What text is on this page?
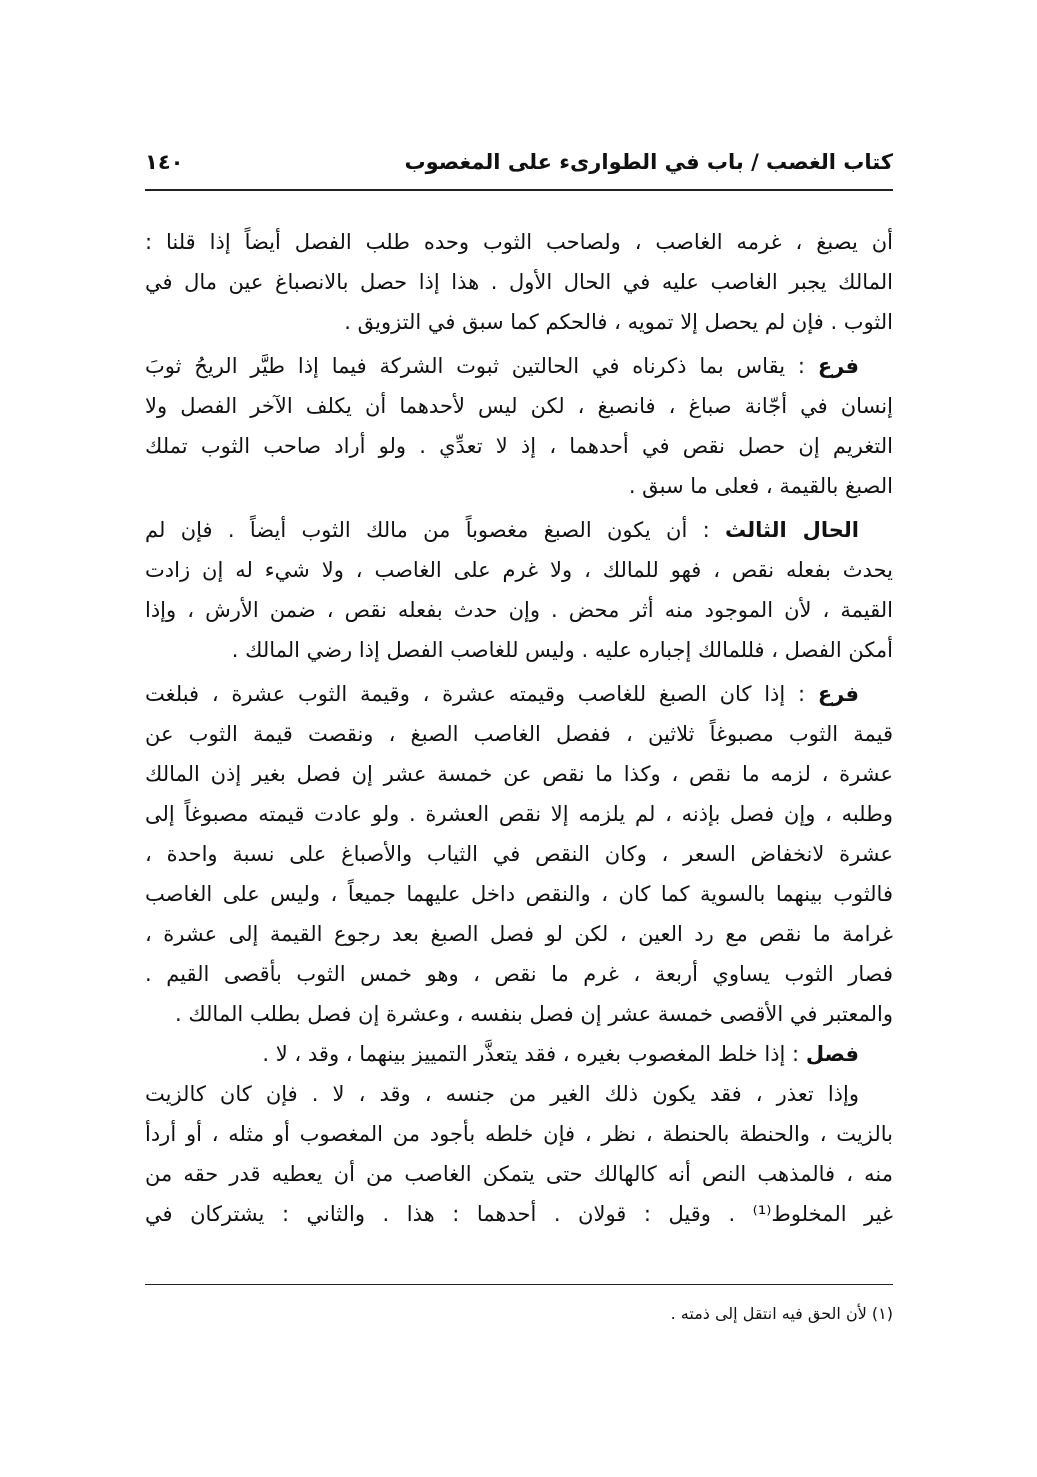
كتاب الغصب / باب في الطوارىء على المغصوب
١٤٠
أن يصبغ ، غرمه الغاصب ، ولصاحب الثوب وحده طلب الفصل أيضاً إذا قلنا :
المالك يجبر الغاصب عليه في الحال الأول . هذا إذا حصل بالانصباغ عين مال في
الثوب . فإن لم يحصل إلا تمويه ، فالحكم كما سبق في التزويق .
فرع : يقاس بما ذكرناه في الحالتين ثبوت الشركة فيما إذا طيَّر الريحُ ثوبَ
إنسان في أجّانة صباغ ، فانصبغ ، لكن ليس لأحدهما أن يكلف الآخر الفصل ولا
التغريم إن حصل نقص في أحدهما ، إذ لا تعدِّي . ولو أراد صاحب الثوب تملك
الصبغ بالقيمة ، فعلى ما سبق .
الحال الثالث : أن يكون الصبغ مغصوباً من مالك الثوب أيضاً . فإن لم
يحدث بفعله نقص ، فهو للمالك ، ولا غرم على الغاصب ، ولا شيء له إن زادت
القيمة ، لأن الموجود منه أثر محض . وإن حدث بفعله نقص ، ضمن الأرش ، وإذا
أمكن الفصل ، فللمالك إجباره عليه . وليس للغاصب الفصل إذا رضي المالك .
فرع : إذا كان الصبغ للغاصب وقيمته عشرة ، وقيمة الثوب عشرة ، فبلغت
قيمة الثوب مصبوغاً ثلاثين ، ففصل الغاصب الصبغ ، ونقصت قيمة الثوب عن
عشرة ، لزمه ما نقص ، وكذا ما نقص عن خمسة عشر إن فصل بغير إذن المالك
وطلبه ، وإن فصل بإذنه ، لم يلزمه إلا نقص العشرة . ولو عادت قيمته مصبوغاً إلى
عشرة لانخفاض السعر ، وكان النقص في الثياب والأصباغ على نسبة واحدة ،
فالثوب بينهما بالسوية كما كان ، والنقص داخل عليهما جميعاً ، وليس على الغاصب
غرامة ما نقص مع رد العين ، لكن لو فصل الصبغ بعد رجوع القيمة إلى عشرة ،
فصار الثوب يساوي أربعة ، غرم ما نقص ، وهو خمس الثوب بأقصى القيم .
والمعتبر في الأقصى خمسة عشر إن فصل بنفسه ، وعشرة إن فصل بطلب المالك .
فصل : إذا خلط المغصوب بغيره ، فقد يتعذَّر التمييز بينهما ، وقد ، لا .
وإذا تعذر ، فقد يكون ذلك الغير من جنسه ، وقد ، لا . فإن كان كالزيت
بالزيت ، والحنطة بالحنطة ، نظر ، فإن خلطه بأجود من المغصوب أو مثله ، أو أردأ
منه ، فالمذهب النص أنه كالهالك حتى يتمكن الغاصب من أن يعطيه قدر حقه من
غير المخلوط⁽¹⁾ . وقيل : قولان . أحدهما : هذا . والثاني : يشتركان في
(١) لأن الحق فيه انتقل إلى ذمته .
